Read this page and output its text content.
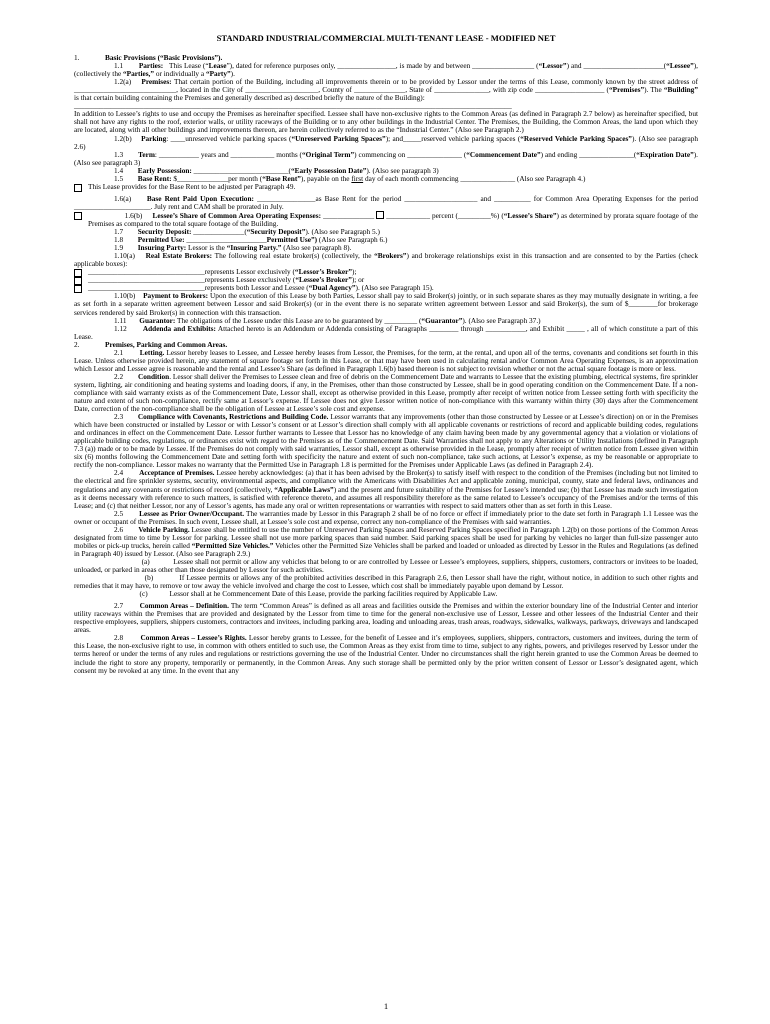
STANDARD INDUSTRIAL/COMMERCIAL MULTI-TENANT LEASE - MODIFIED NET

1.              Basic Provisions (“Basic Provisions”).

1.1        Parties:   This Lease (“Lease”), dated for reference purposes only, ________________, is made by and between _________________ (“Lessor”) and ______________________(“Lessee”), (collectively the “Parties,” or individually a “Party”).

1.2(a)    Premises: That certain portion of the Building, including all improvements therein or to be provided by Lessor under the terms of this Lease, commonly known by the street address of ____________________________, located in the City of ____________________, County of ______________, State of _______________, with zip code ___________________ (“Premises”). The “Building” is that certain building containing the Premises and generally described as) described briefly the nature of the Building):

________________________________________________________________________________________________________________________

In addition to Lessee’s rights to use and occupy the Premises as hereinafter specified. Lessee shall have non-exclusive rights to the Common Areas (as defined in Paragraph 2.7 below) as hereinafter specified, but shall not have any rights to the roof, exterior walls, or utility raceways of the Building or to any other buildings in the Industrial Center. The Premises, the Building, the Common Areas, the land upon which they are located, along with all other buildings and improvements thereon, are herein collectively referred to as the “Industrial Center.” (Also see Paragraph 2.)

1.2(b)    Parking: ____unreserved vehicle parking spaces (“Unreserved Parking Spaces”); and_____reserved vehicle parking spaces (“Reserved Vehicle Parking Spaces”). (Also see paragraph 2.6)

1.3        Term: ___________ years and ____________ months (“Original Term”) commencing on _______________ (“Commencement Date”) and ending _______________(“Expiration Date”). (Also see paragraph 3)

1.4        Early Possession: __________________________(“Early Possession Date”). (Also see paragraph 3)

1.5        Base Rent: $______________per month (“Base Rent”), payable on the first day of each month commencing _______________ (Also see Paragraph 4.)

This Lease provides for the Base Rent to be adjusted per Paragraph 49.

1.6(a)     Base Rent Paid Upon Execution: ________________as Base Rent for the period ____________________ and __________ for Common Area Operating Expenses for the period _____________________. July rent and CAM shall be prorated in July.

1.6(b)     Lessee’s Share of Common Area Operating Expenses: ______________ ____________ percent (_________%) (“Lessee’s Share”) as determined by prorata square footage of the Premises as compared to the total square footage of the Building.

1.7        Security Deposit: ______________(“Security Deposit”). (Also see Paragraph 5.)

1.8        Permitted Use: ______________________Permitted Use”) (Also see Paragraph 6.)

1.9        Insuring Party: Lessor is the “Insuring Party.” (Also see paragraph 8).

1.10(a)    Real Estate Brokers: The following real estate broker(s) (collectively, the “Brokers”) and brokerage relationships exist in this transaction and are consented to by the Parties (check applicable boxes):

________________________________represents Lessor exclusively (“Lessor’s Broker”);

________________________________represents Lessee exclusively (“Lessee’s Broker”); or

________________________________represents both Lessor and Lessee (“Dual Agency”). (Also see Paragraph 15).

1.10(b)    Payment to Brokers: Upon the execution of this Lease by both Parties, Lessor shall pay to said Broker(s) jointly, or in such separate shares as they may mutually designate in writing, a fee as set forth in a separate written agreement between Lessor and said Broker(s) (or in the event there is no separate written agreement between Lessor and said Broker(s), the sum of $________for brokerage services rendered by said Broker(s) in connection with this transaction.

1.11       Guarantor: The obligations of the Lessee under this Lease are to be guaranteed by _________ (“Guarantor”). (Also see Paragraph 37.)

1.12       Addenda and Exhibits: Attached hereto is an Addendum or Addenda consisting of Paragraphs ________ through ___________, and Exhibit _____ , all of which constitute a part of this Lease.

2.              Premises, Parking and Common Areas.

2.1        Letting. Lessor hereby leases to Lessee, and Lessee hereby leases from Lessor, the Premises, for the term, at the rental, and upon all of the terms, covenants and conditions set fourth in this Lease. Unless otherwise provided herein, any statement of square footage set forth in this Lease, or that may have been used in calculating rental and/or Common Area Operating Expenses, is an approximation which Lessor and Lessee agree is reasonable and the rental and Lessee’s Share (as defined in Paragraph 1.6(b) based thereon is not subject to revision whether or not the actual square footage is more or less.

2.2        Condition. Lessor shall deliver the Premises to Lessee clean and free of debris on the Commencement Date and warrants to Lessee that the existing plumbing, electrical systems, fire sprinkler system, lighting, air conditioning and heating systems and loading doors, if any, in the Premises, other than those constructed by Lessee, shall be in good operating condition on the Commencement Date. If a non-compliance with said warranty exists as of the Commencement Date, Lessor shall, except as otherwise provided in this Lease, promptly after receipt of written notice from Lessee setting forth with specificity the nature and extent of such non-compliance, rectify same at Lessor’s expense. If Lessee does not give Lessor written notice of non-compliance with this warranty within thirty (30) days after the Commencement Date, correction of the non-compliance shall be the obligation of Lessee at Lessee’s sole cost and expense.

2.3        Compliance with Covenants, Restrictions and Building Code. Lessor warrants that any improvements (other than those constructed by Lessee or at Lessee’s direction) on or in the Premises which have been constructed or installed by Lessor or with Lessor’s consent or at Lessor’s direction shall comply with all applicable covenants or restrictions of record and applicable building codes, regulations and ordinances in effect on the Commencement Date. Lessor further warrants to Lessee that Lessor has no knowledge of any claim having been made by any governmental agency that a violation or violations of applicable building codes, regulations, or ordinances exist with regard to the Premises as of the Commencement Date. Said Warranties shall not apply to any Alterations or Utility Installations (defined in Paragraph 7.3 (a)) made or to be made by Lessee. If the Premises do not comply with said warranties, Lessor shall, except as otherwise provided in the Lease, promptly after receipt of written notice from Lessee given within six (6) months following the Commencement Date and setting forth with specificity the nature and extent of such non-compliance, take such actions, at Lessor’s expense, as my be reasonable or appropriate to rectify the non-compliance. Lessor makes no warranty that the Permitted Use in Paragraph 1.8 is permitted for the Premises under Applicable Laws (as defined in Paragraph 2.4).

2.4        Acceptance of Premises. Lessee hereby acknowledges: (a) that it has been advised by the Broker(s) to satisfy itself with respect to the condition of the Premises (including but not limited to the electrical and fire sprinkler systems, security, environmental aspects, and compliance with the Americans with Disabilities Act and applicable zoning, municipal, county, state and federal laws, ordinances and regulations and any covenants or restrictions of record (collectively, “Applicable Laws”) and the present and future suitability of the Premises for Lessee’s intended use; (b) that Lessee has made such investigation as it deems necessary with reference to such matters, is satisfied with reference thereto, and assumes all responsibility therefore as the same related to Lessee’s occupancy of the Premises and/or the terms of this Lease; and (c) that neither Lessor, nor any of Lessor’s agents, has made any oral or written representations or warranties with respect to said matters other than as set forth in this Lease.

2.5        Lessee as Prior Owner/Occupant. The warranties made by Lessor in this Paragraph 2 shall be of no force or effect if immediately prior to the date set forth in Paragraph 1.1 Lessee was the owner or occupant of the Premises. In such event, Lessee shall, at Lessee’s sole cost and expense, correct any non-compliance of the Premises with said warranties.

2.6        Vehicle Parking. Lessee shall be entitled to use the number of Unreserved Parking Spaces and Reserved Parking Spaces specified in Paragraph 1.2(b) on those portions of the Common Areas designated from time to time by Lessor for parking. Lessee shall not use more parking spaces than said number. Said parking spaces shall be used for parking by vehicles no larger than full-size passenger auto mobiles or pick-up trucks, herein called “Permitted Size Vehicles.” Vehicles other the Permitted Size Vehicles shall be parked and loaded or unloaded as directed by Lessor in the Rules and Regulations (as defined in Paragraph 40) issued by Lessor. (Also see Paragraph 2.9.)

(a)            Lessee shall not permit or allow any vehicles that belong to or are controlled by Lessee or Lessee’s employees, suppliers, shippers, customers, contractors or invitees to be loaded, unloaded, or parked in areas other than those designated by Lessor for such activities.

(b)            If Lessee permits or allows any of the prohibited activities described in this Paragraph 2.6, then Lessor shall have the right, without notice, in addition to such other rights and remedies that it may have, to remove or tow away the vehicle involved and charge the cost to Lessee, which cost shall be immediately payable upon demand by Lessor.

(c)            Lessor shall at he Commencement Date of this Lease, provide the parking facilities required by Applicable Law.

2.7        Common Areas – Definition. The term “Common Areas” is defined as all areas and facilities outside the Premises and within the exterior boundary line of the Industrial Center and interior utility raceways within the Premises that are provided and designated by the Lessor from time to time for the general non-exclusive use of Lessor, Lessee and other lessees of the Industrial Center and their respective employees, suppliers, shippers customers, contractors and invitees, including parking area, loading and unloading areas, trash areas, roadways, sidewalks, walkways, parkways, driveways and landscaped areas.

2.8        Common Areas – Lessee’s Rights. Lessor hereby grants to Lessee, for the benefit of Lessee and it’s employees, suppliers, shippers, contractors, customers and invitees, during the term of this Lease, the non-exclusive right to use, in common with others entitled to such use, the Common Areas as they exist from time to time, subject to any rights, powers, and privileges reserved by Lessor under the terms hereof or under the terms of any rules and regulations or restrictions governing the use of the Industrial Center. Under no circumstances shall the right herein granted to use the Common Areas be deemed to include the right to store any property, temporarily or permanently, in the Common Areas. Any such storage shall be permitted only by the prior written consent of Lessor or Lessor’s designated agent, which consent my be revoked at any time. In the event that any

1
